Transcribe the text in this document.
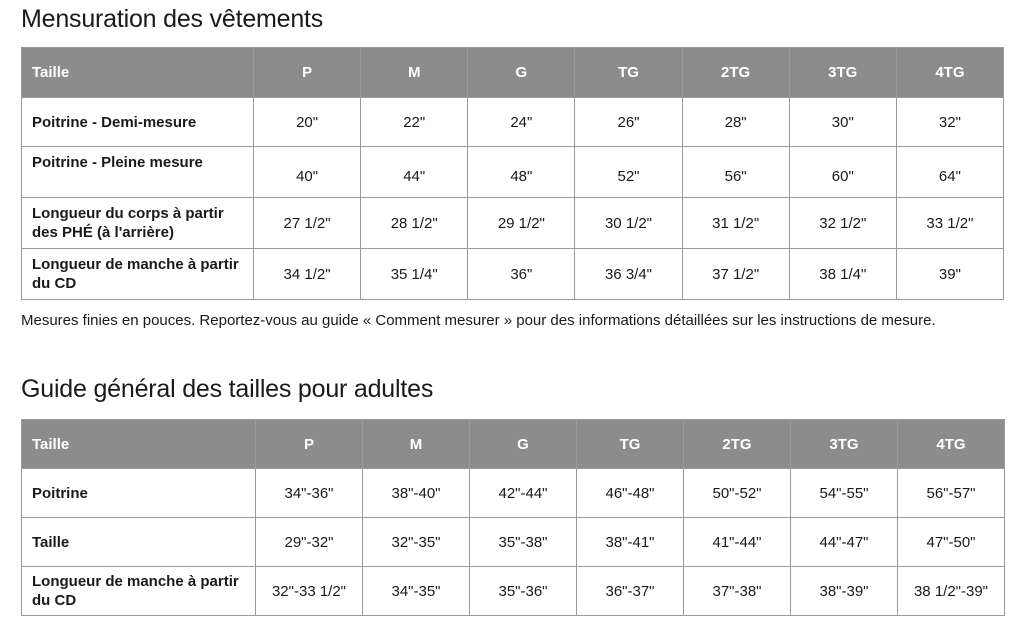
Mensuration des vêtements
Taille	P	M	G	TG	2TG	3TG	4TG
Poitrine - Demi-mesure	20"	22"	24"	26"	28"	30"	32"
Poitrine - Pleine mesure	40"	44"	48"	52"	56"	60"	64"
Longueur du corps à partir des PHÉ (à l'arrière)	27 1/2"	28 1/2"	29 1/2"	30 1/2"	31 1/2"	32 1/2"	33 1/2"
Longueur de manche à partir du CD	34 1/2"	35 1/4"	36"	36 3/4"	37 1/2"	38 1/4"	39"

Mesures finies en pouces. Reportez-vous au guide « Comment mesurer » pour des informations détaillées sur les instructions de mesure.

Guide général des tailles pour adultes
Taille	P	M	G	TG	2TG	3TG	4TG
Poitrine	34"-36"	38"-40"	42"-44"	46"-48"	50"-52"	54"-55"	56"-57"
Taille	29"-32"	32"-35"	35"-38"	38"-41"	41"-44"	44"-47"	47"-50"
Longueur de manche à partir du CD	32"-33 1/2"	34"-35"	35"-36"	36"-37"	37"-38"	38"-39"	38 1/2"-39"
